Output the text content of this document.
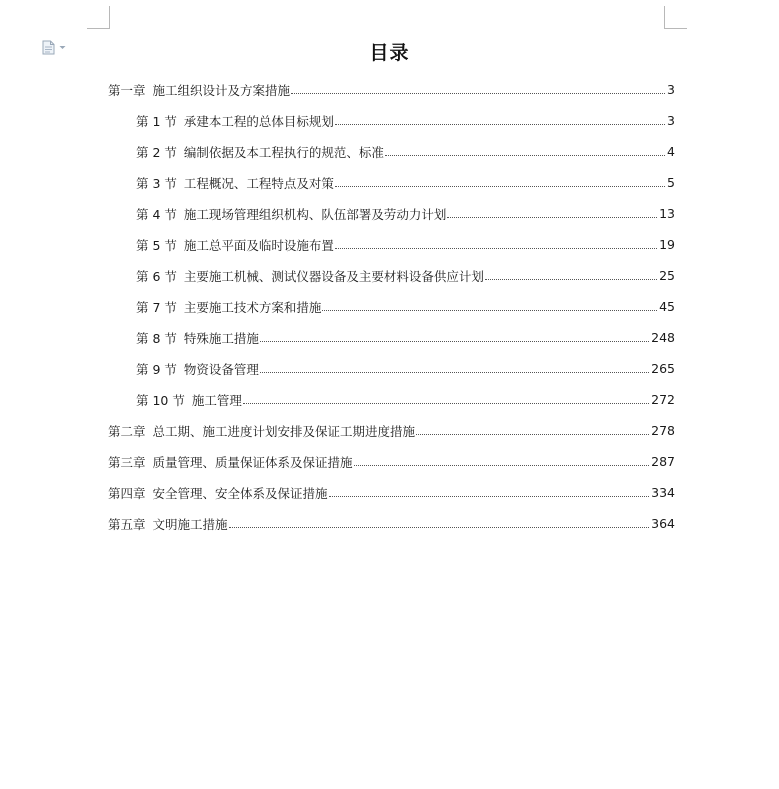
目录
第一章 施工组织设计及方案措施	3
第 1 节 承建本工程的总体目标规划	3
第 2 节 编制依据及本工程执行的规范、标准	4
第 3 节 工程概况、工程特点及对策	5
第 4 节 施工现场管理组织机构、队伍部署及劳动力计划	13
第 5 节 施工总平面及临时设施布置	19
第 6 节 主要施工机械、测试仪器设备及主要材料设备供应计划	25
第 7 节 主要施工技术方案和措施	45
第 8 节 特殊施工措施	248
第 9 节 物资设备管理	265
第 10 节 施工管理	272
第二章 总工期、施工进度计划安排及保证工期进度措施	278
第三章 质量管理、质量保证体系及保证措施	287
第四章 安全管理、安全体系及保证措施	334
第五章 文明施工措施	364
